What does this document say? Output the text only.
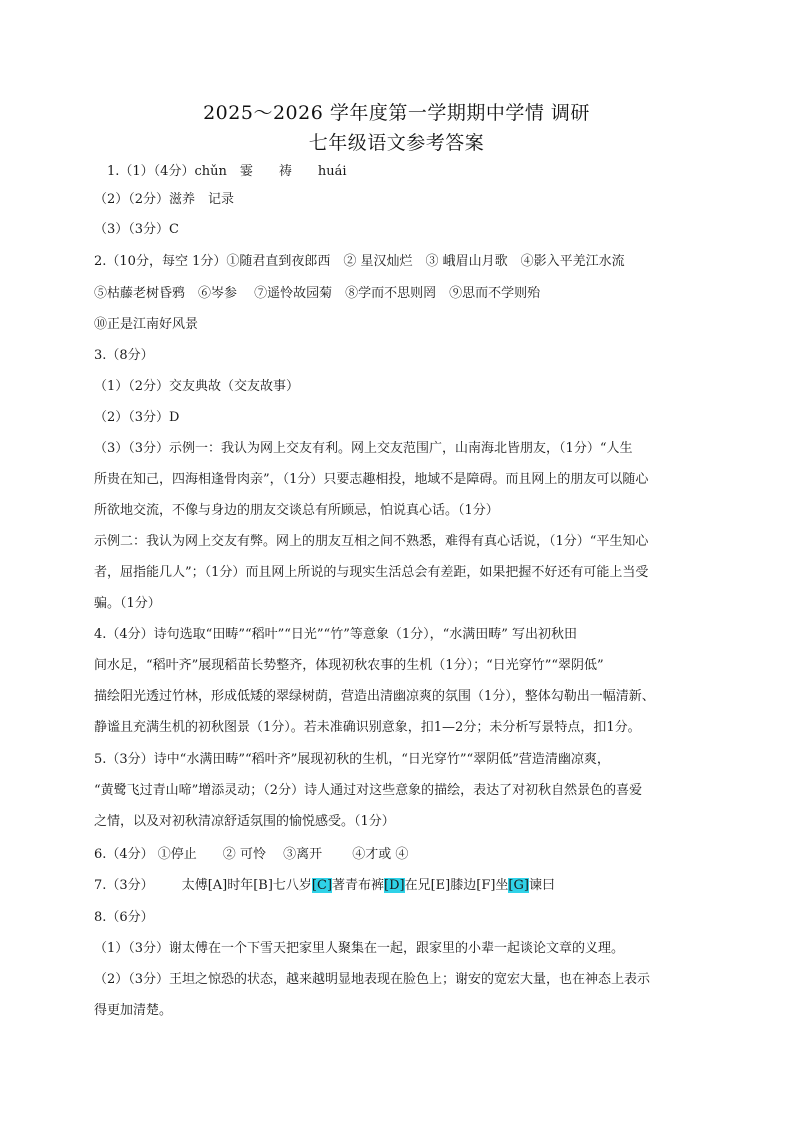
2025～2026 学年度第一学期期中学情 调研
七年级语文参考答案
1.（1）（4分）chǔn　霎　　祷　　huái
（2）（2分）滋养　记录
（3）（3分）C
2.（10分，每空 1分）①随君直到夜郎西　② 星汉灿烂　③ 峨眉山月歌　④影入平羌江水流
⑤枯藤老树昏鸦　⑥岑参　 ⑦遥怜故园菊　⑧学而不思则罔　⑨思而不学则殆
⑩正是江南好风景
3.（8分）
（1）（2分）交友典故（交友故事）
（2）（3分）D
（3）（3分）示例一：我认为网上交友有利。网上交友范围广，山南海北皆朋友，（1分）“人生
所贵在知己，四海相逢骨肉亲”，（1分）只要志趣相投，地域不是障碍。而且网上的朋友可以随心
所欲地交流，不像与身边的朋友交谈总有所顾忌，怕说真心话。（1分）
示例二：我认为网上交友有弊。网上的朋友互相之间不熟悉，难得有真心话说，（1分）“平生知心
者，屈指能几人”；（1分）而且网上所说的与现实生活总会有差距，如果把握不好还有可能上当受
骗。（1分）
4.（4分）诗句选取“田畴”“稻叶”“日光”“竹”等意象（1分），“水满田畴” 写出初秋田
间水足，“稻叶齐”展现稻苗长势整齐，体现初秋农事的生机（1分）；“日光穿竹”“翠阴低”
描绘阳光透过竹林，形成低矮的翠绿树荫，营造出清幽凉爽的氛围（1分），整体勾勒出一幅清新、
静谧且充满生机的初秋图景（1分）。若未准确识别意象，扣1—2分；未分析写景特点，扣1分。
5.（3分）诗中“水满田畴”“稻叶齐”展现初秋的生机，“日光穿竹”“翠阴低”营造清幽凉爽，
“黄鹭飞过青山啼”增添灵动；（2分）诗人通过对这些意象的描绘，表达了对初秋自然景色的喜爱
之情，以及对初秋清凉舒适氛围的愉悦感受。（1分）
6.（4分） ①停止　　② 可怜　 ③离开　　 ④才或 ④
7.（3分） 太傅[A]时年[B]七八岁[C]著青布裤[D]在兄[E]膝边[F]坐[G]谏曰
8.（6分）
（1）（3分）谢太傅在一个下雪天把家里人聚集在一起，跟家里的小辈一起谈论文章的义理。
（2）（3分）王坦之惊恐的状态，越来越明显地表现在脸色上；谢安的宽宏大量，也在神态上表示
得更加清楚。
